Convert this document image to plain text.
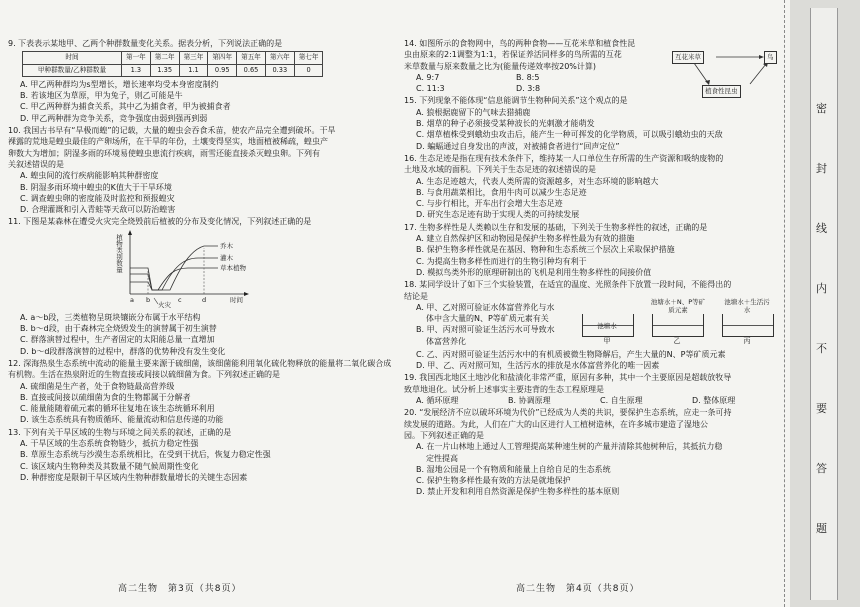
9. 下表表示某地甲、乙两个种群数量变化关系。据表分析，下列说法正确的是
时间	第一年	第二年	第三年	第四年	第五年	第六年	第七年
甲种群数量/乙种群数量	1.3	1.35	1.1	0.95	0.65	0.33	0
A. 甲乙两种群均为s型增长，增长速率均受本身密度制约
B. 若该地区为草原，甲为兔子，则乙可能是牛
C. 甲乙两种群为捕食关系，其中乙为捕食者，甲为被捕食者
D. 甲乙两种群为竞争关系，竞争强度由弱到强再到弱
10. 我国古书早有“旱极而蝗”的记载，大量的蝗虫会吞食禾苗，使农产品完全遭到破坏。干旱
裸露的荒地是蝗虫最佳的产卵场所，在干旱的年份，土壤变得坚实，地面植被稀疏，蝗虫产
卵数大为增加；阴湿多雨的环境易使蝗虫患流行疾病，雨雪还能直接杀灭蝗虫卵。下列有
关叙述错误的是
A. 蝗虫间的流行疾病能影响其种群密度
B. 阴湿多雨环境中蝗虫的K值大于干旱环境
C. 调查蝗虫卵的密度能及时监控和预报蝗灾
D. 合理灌溉和引入青蛙等天敌可以防治蝗害
11. 下图是某森林在遭受火灾完全烧毁前后植被的分布及变化情况，下列叙述正确的是
植物类别数量	乔木
灌木
草本植物
火灾
a b	c	d	时间
A. a～b段，三类植物呈斑块镶嵌分布属于水平结构
B. b～d段，由于森林完全烧毁发生的演替属于初生演替
C. 群落演替过程中，生产者固定的太阳能总量一直增加
D. b～d段群落演替的过程中，群落的优势种没有发生变化
12. 深海热泉生态系统中流动的能量主要来源于硫细菌，该细菌能利用氧化硫化物释放的能量将二氧化碳合成
有机物。生活在热泉附近的生物直接或间接以硫细菌为食。下列叙述正确的是
A. 硫细菌是生产者，处于食物链最高营养级
B. 直接或间接以硫细菌为食的生物都属于分解者
C. 能量能随着硫元素的循环往复地在该生态统循环利用
D. 该生态系统具有物质循环、能量流动和信息传递的功能
13. 下列有关干旱区域的生物与环境之间关系的叙述，正确的是
A. 干旱区域的生态系统食物链少，抵抗力稳定性强
B. 草原生态系统与沙漠生态系统相比，在受到干扰后，恢复力稳定性强
C. 该区域内生物种类及其数量不随气候周期性变化
D. 种群密度是限制干旱区域内生物种群数量增长的关键生态因素
高二生物　第3页（共8页）
14. 如图所示的食物网中，鸟的两种食物——互花米草和植食性昆
虫由原来的2:1调整为1:1，若保证养活同样多的鸟所需的互花
米草数量与原来数量之比为(能量传递效率按20%计算)
A. 9:7	B. 8:5
C. 11:3	D. 3:8
互花米草	鸟
植食性昆虫
15. 下列现象不能体现“信息能调节生物种间关系”这个观点的是
A. 狼根据鹿留下的气味去猎捕鹿
B. 烟草的种子必须接受某种波长的光刺激才能萌发
C. 烟草植株受到蛾幼虫攻击后，能产生一种可挥发的化学物质，可以吸引蛾幼虫的天敌
D. 蝙蝠通过自身发出的声波，对被捕食者进行“回声定位”
16. 生态足迹是指在现有技术条件下，维持某一人口单位生存所需的生产资源和吸纳废物的
土地及水域的面积。下列关于生态足迹的叙述错误的是
A. 生态足迹越大，代表人类所需的资源越多，对生态环境的影响越大
B. 与食用蔬菜相比，食用牛肉可以减少生态足迹
C. 与步行相比，开车出行会增大生态足迹
D. 研究生态足迹有助于实现人类的可持续发展
17. 生物多样性是人类赖以生存和发展的基础，下列关于生物多样性的叙述，正确的是
A. 建立自然保护区和动物园是保护生物多样性最为有效的措施
B. 保护生物多样性就是在基因、物种和生态系统三个层次上采取保护措施
C. 为提高生物多样性而进行的生物引种均有利于
D. 模拟鸟类外形的原理研制出的飞机是利用生物多样性的间接价值
18. 某同学设计了如下三个实验装置，在适宜的温度、光照条件下放置一段时间，不能得出的
结论是
A. 甲、乙对照可验证水体富营养化与水
体中含大量的N、P等矿质元素有关
B. 甲、丙对照可验证生活污水可导致水
体富营养化
池塘水
池塘水＋N、P等矿质元素
池塘水＋生活污水
甲	乙	丙
C. 乙、丙对照可验证生活污水中的有机质被微生物降解后，产生大量的N、P等矿质元素
D. 甲、乙、丙对照可知，生活污水的排放是水体富营养化的唯一因素
19. 我国西北地区土地沙化和盐渍化非常严重，原因有多种，其中一个主要原因是超载放牧导
致草地退化。试分析上述事实主要违背的生态工程原理是
A. 循环原理	B. 协调原理	C. 自生原理	D. 整体原理
20. “发展经济不应以破坏环境为代价”已经成为人类的共识，要保护生态系统，应走一条可持
续发展的道路。为此，人们在广大的山区进行人工植树造林，在许多城市建造了湿地公
园。下列叙述正确的是
A. 在一片山林地上通过人工管理提高某种速生树的产量并清除其他树种后，其抵抗力稳
定性提高
B. 湿地公园是一个有物质和能量上自给自足的生态系统
C. 保护生物多样性最有效的方法是就地保护
D. 禁止开发和利用自然资源是保护生物多样性的基本原则
高二生物　第4页（共8页）
密
封
线
内
不
要
答
题
